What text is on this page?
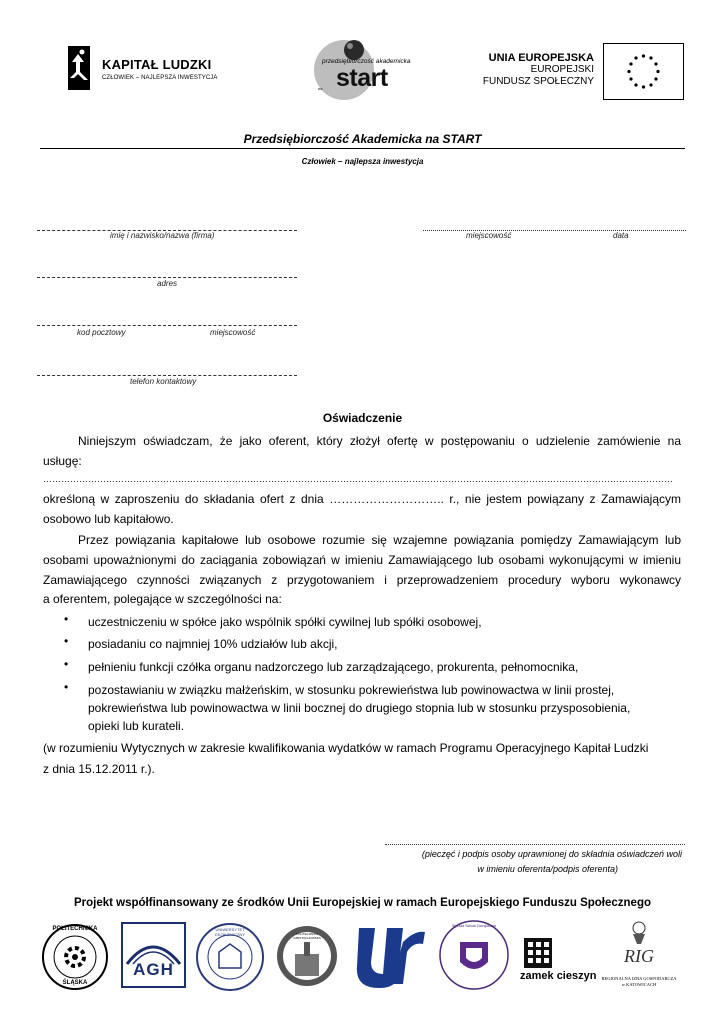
KAPITAŁ LUDZKI
CZŁOWIEK – NAJLEPSZA INWESTYCJA
przedsiębiorczość akademicka
na start
UNIA EUROPEJSKA
EUROPEJSKI
FUNDUSZ SPOŁECZNY
Przedsiębiorczość Akademicka na START
Człowiek – najlepsza inwestycja
imię i nazwisko/nazwa (firma)	miejscowość	data
adres
kod pocztowy	miejscowość
telefon kontaktowy
Oświadczenie
Niniejszym oświadczam, że jako oferent, który złożył ofertę w postępowaniu o udzielenie zamówienie na
usługę:
…………………………………………………………………………………………………………………………………………………………………………………………
określoną w zaproszeniu do składania ofert z dnia ……………………….. r., nie jestem powiązany z Zamawiającym
osobowo lub kapitałowo.
Przez powiązania kapitałowe lub osobowe rozumie się wzajemne powiązania pomiędzy Zamawiającym lub
osobami upoważnionymi do zaciągania zobowiązań w imieniu Zamawiającego lub osobami wykonującymi w imieniu
Zamawiającego czynności związanych z przygotowaniem i przeprowadzeniem procedury wyboru wykonawcy
a oferentem, polegające w szczególności na:
• uczestniczeniu w spółce jako wspólnik spółki cywilnej lub spółki osobowej,
• posiadaniu co najmniej 10% udziałów lub akcji,
• pełnieniu funkcji czółka organu nadzorczego lub zarządzającego, prokurenta, pełnomocnika,
• pozostawianiu w związku małżeńskim, w stosunku pokrewieństwa lub powinowactwa w linii prostej,
pokrewieństwa lub powinowactwa w linii bocznej do drugiego stopnia lub w stosunku przysposobienia,
opieki lub kurateli.
(w rozumieniu Wytycznych w zakresie kwalifikowania wydatków w ramach Programu Operacyjnego Kapitał Ludzki
z dnia 15.12.2011 r.).
(pieczęć i podpis osoby uprawnionej do składnia oświadczeń woli
w imieniu oferenta/podpis oferenta)
Projekt współfinansowany ze środków Unii Europejskiej w ramach Europejskiego Funduszu Społecznego
POLITECHNIKA
ŚLĄSKA
AGH
UNIWERSYTET EKONOMICZNY	POLITECHNIKA CZĘSTOCHOWSKA
Ur
Wyższa Szkoła Zarządzania
zamek cieszyn
RIG
REGIONALNA IZBA GOSPODARCZA w KATOWICACH
